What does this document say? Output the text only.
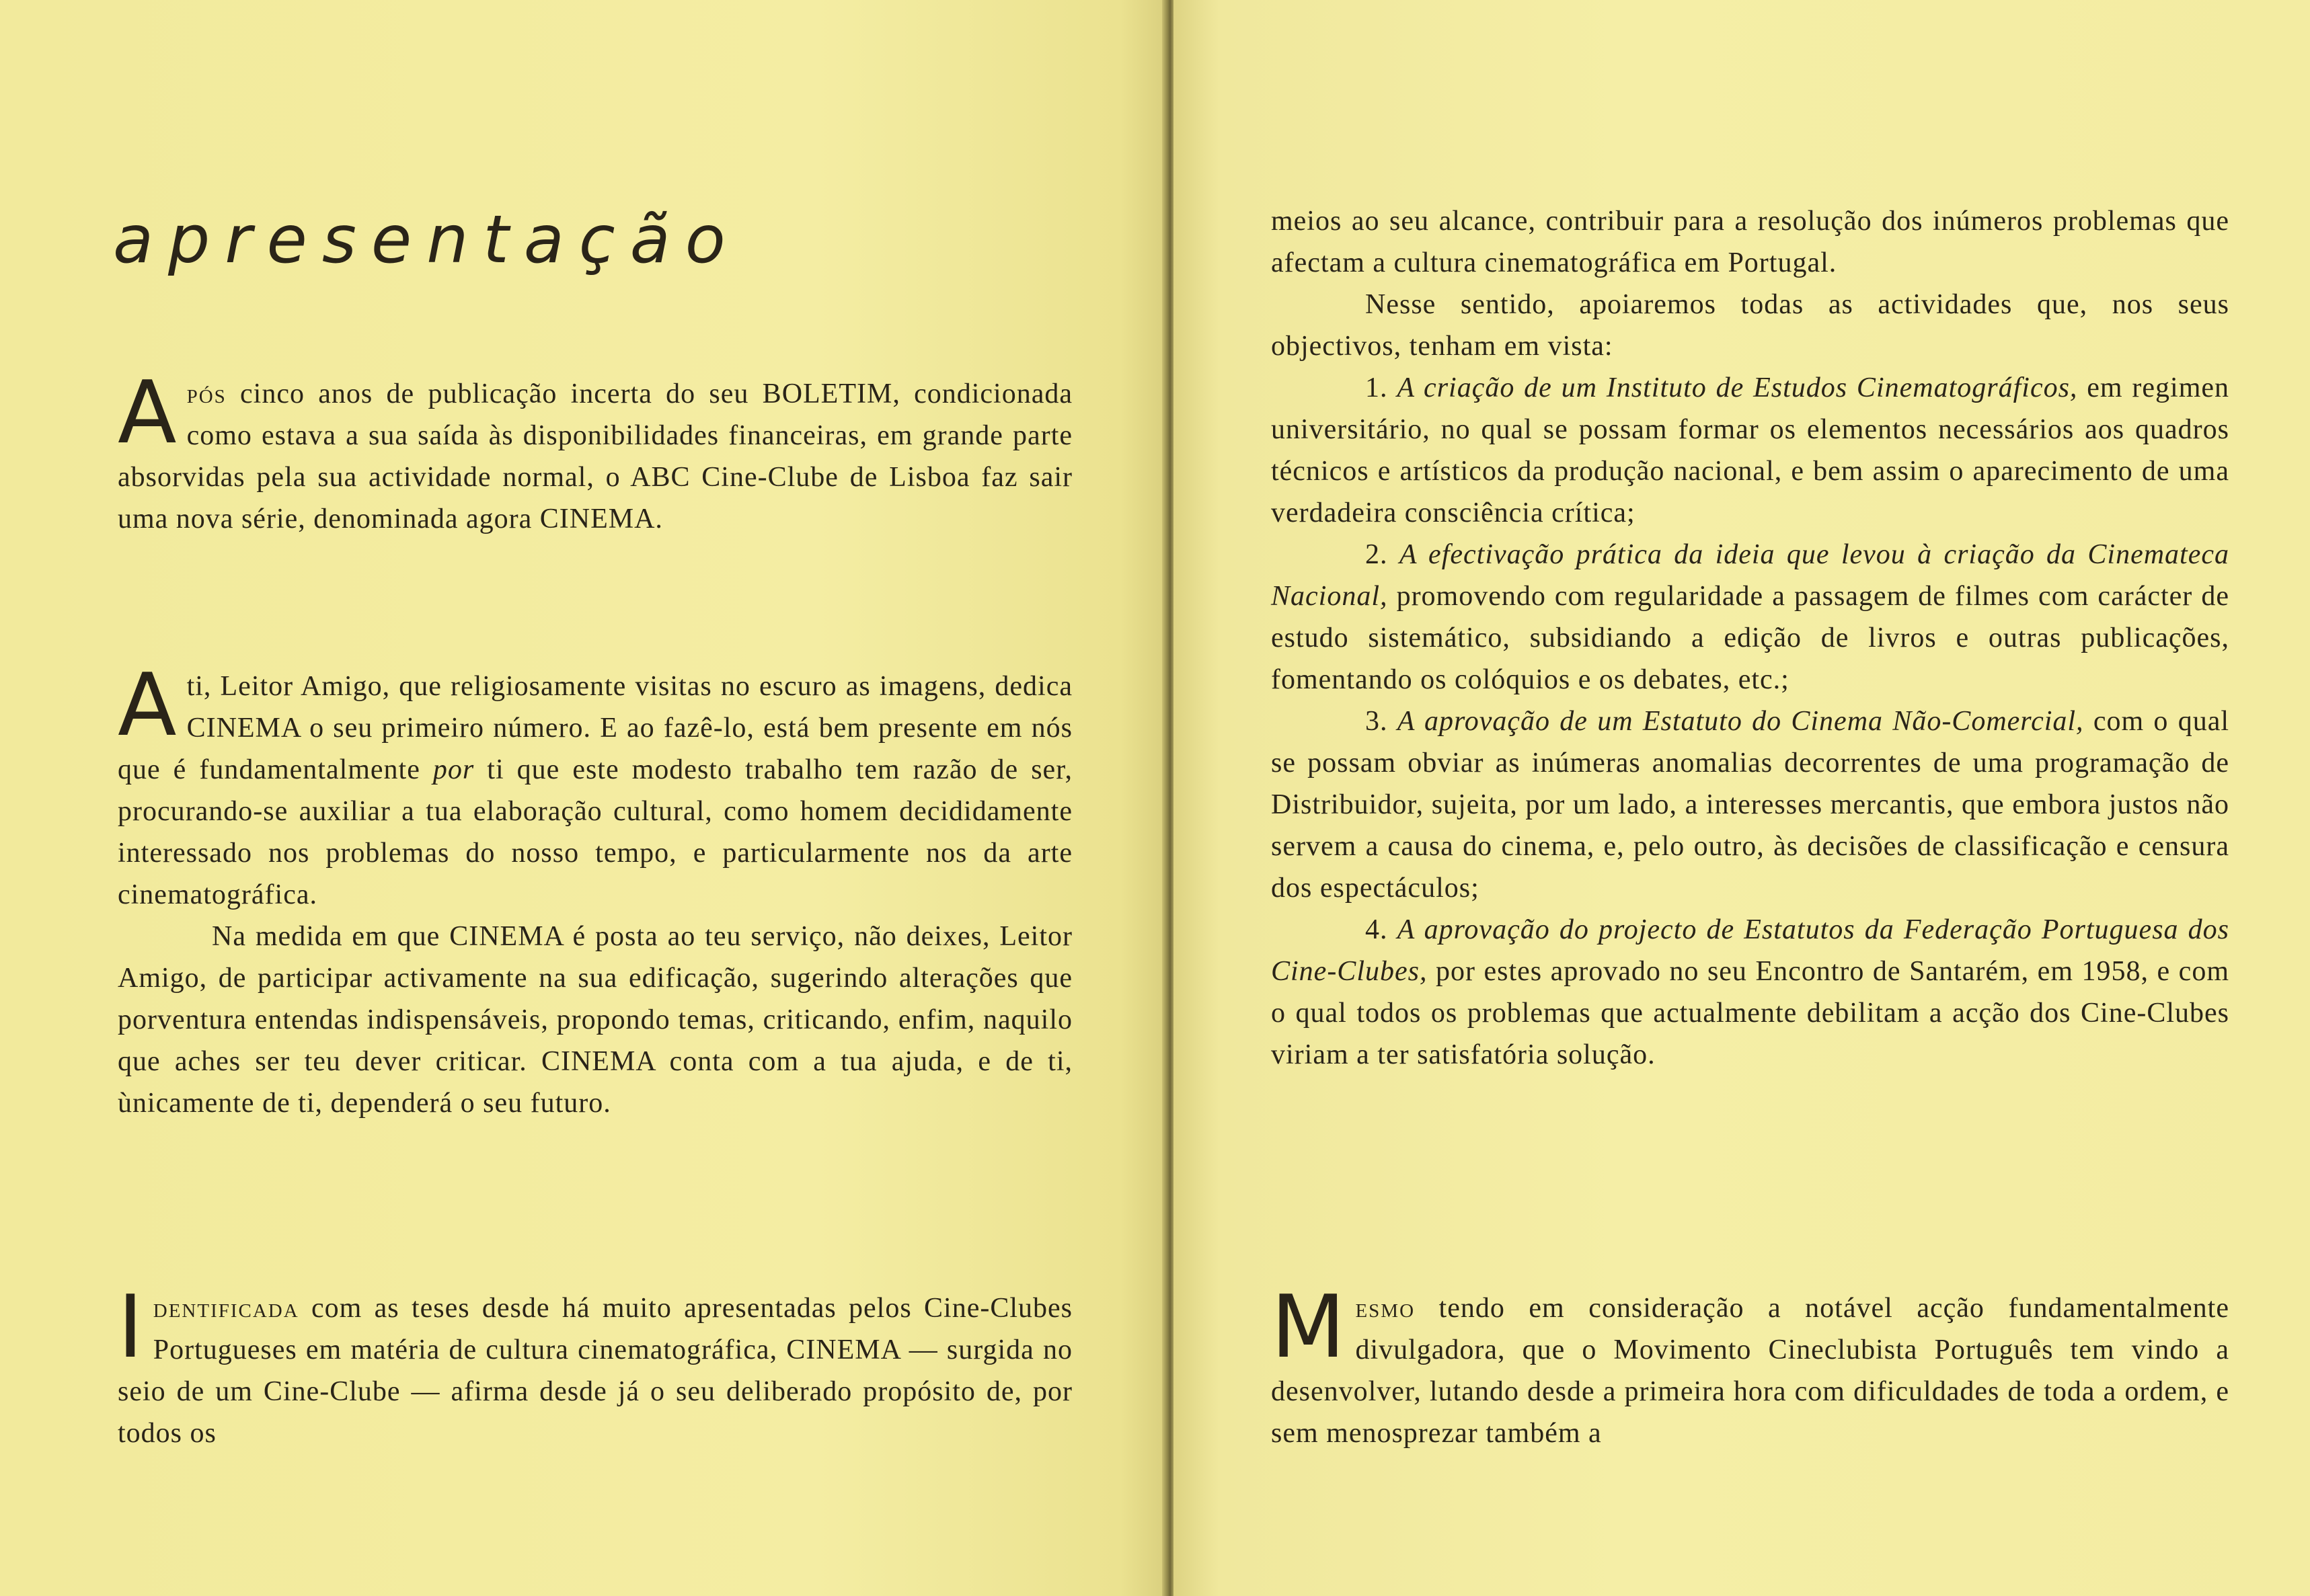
apresentação

Após cinco anos de publicação incerta do seu BOLETIM, condicionada como estava a sua saída às disponibilidades financeiras, em grande parte absorvidas pela sua actividade normal, o ABC Cine-Clube de Lisboa faz sair uma nova série, denominada agora CINEMA.

A ti, Leitor Amigo, que religiosamente visitas no escuro as imagens, dedica CINEMA o seu primeiro número. E ao fazê-lo, está bem presente em nós que é fundamentalmente por ti que este modesto trabalho tem razão de ser, procurando-se auxiliar a tua elaboração cultural, como homem decididamente interessado nos problemas do nosso tempo, e particularmente nos da arte cinematográfica.

Na medida em que CINEMA é posta ao teu serviço, não deixes, Leitor Amigo, de participar activamente na sua edificação, sugerindo alterações que porventura entendas indispensáveis, propondo temas, criticando, enfim, naquilo que aches ser teu dever criticar. CINEMA conta com a tua ajuda, e de ti, ùnicamente de ti, dependerá o seu futuro.

Identificada com as teses desde há muito apresentadas pelos Cine-Clubes Portugueses em matéria de cultura cinematográfica, CINEMA — surgida no seio de um Cine-Clube — afirma desde já o seu deliberado propósito de, por todos os

meios ao seu alcance, contribuir para a resolução dos inúmeros problemas que afectam a cultura cinematográfica em Portugal.

Nesse sentido, apoiaremos todas as actividades que, nos seus objectivos, tenham em vista:

1. A criação de um Instituto de Estudos Cinematográficos, em regimen universitário, no qual se possam formar os elementos necessários aos quadros técnicos e artísticos da produção nacional, e bem assim o aparecimento de uma verdadeira consciência crítica;

2. A efectivação prática da ideia que levou à criação da Cinemateca Nacional, promovendo com regularidade a passagem de filmes com carácter de estudo sistemático, subsidiando a edição de livros e outras publicações, fomentando os colóquios e os debates, etc.;

3. A aprovação de um Estatuto do Cinema Não-Comercial, com o qual se possam obviar as inúmeras anomalias decorrentes de uma programação de Distribuidor, sujeita, por um lado, a interesses mercantis, que embora justos não servem a causa do cinema, e, pelo outro, às decisões de classificação e censura dos espectáculos;

4. A aprovação do projecto de Estatutos da Federação Portuguesa dos Cine-Clubes, por estes aprovado no seu Encontro de Santarém, em 1958, e com o qual todos os problemas que actualmente debilitam a acção dos Cine-Clubes viriam a ter satisfatória solução.

Mesmo tendo em consideração a notável acção fundamentalmente divulgadora, que o Movimento Cineclubista Português tem vindo a desenvolver, lutando desde a primeira hora com dificuldades de toda a ordem, e sem menosprezar também a
